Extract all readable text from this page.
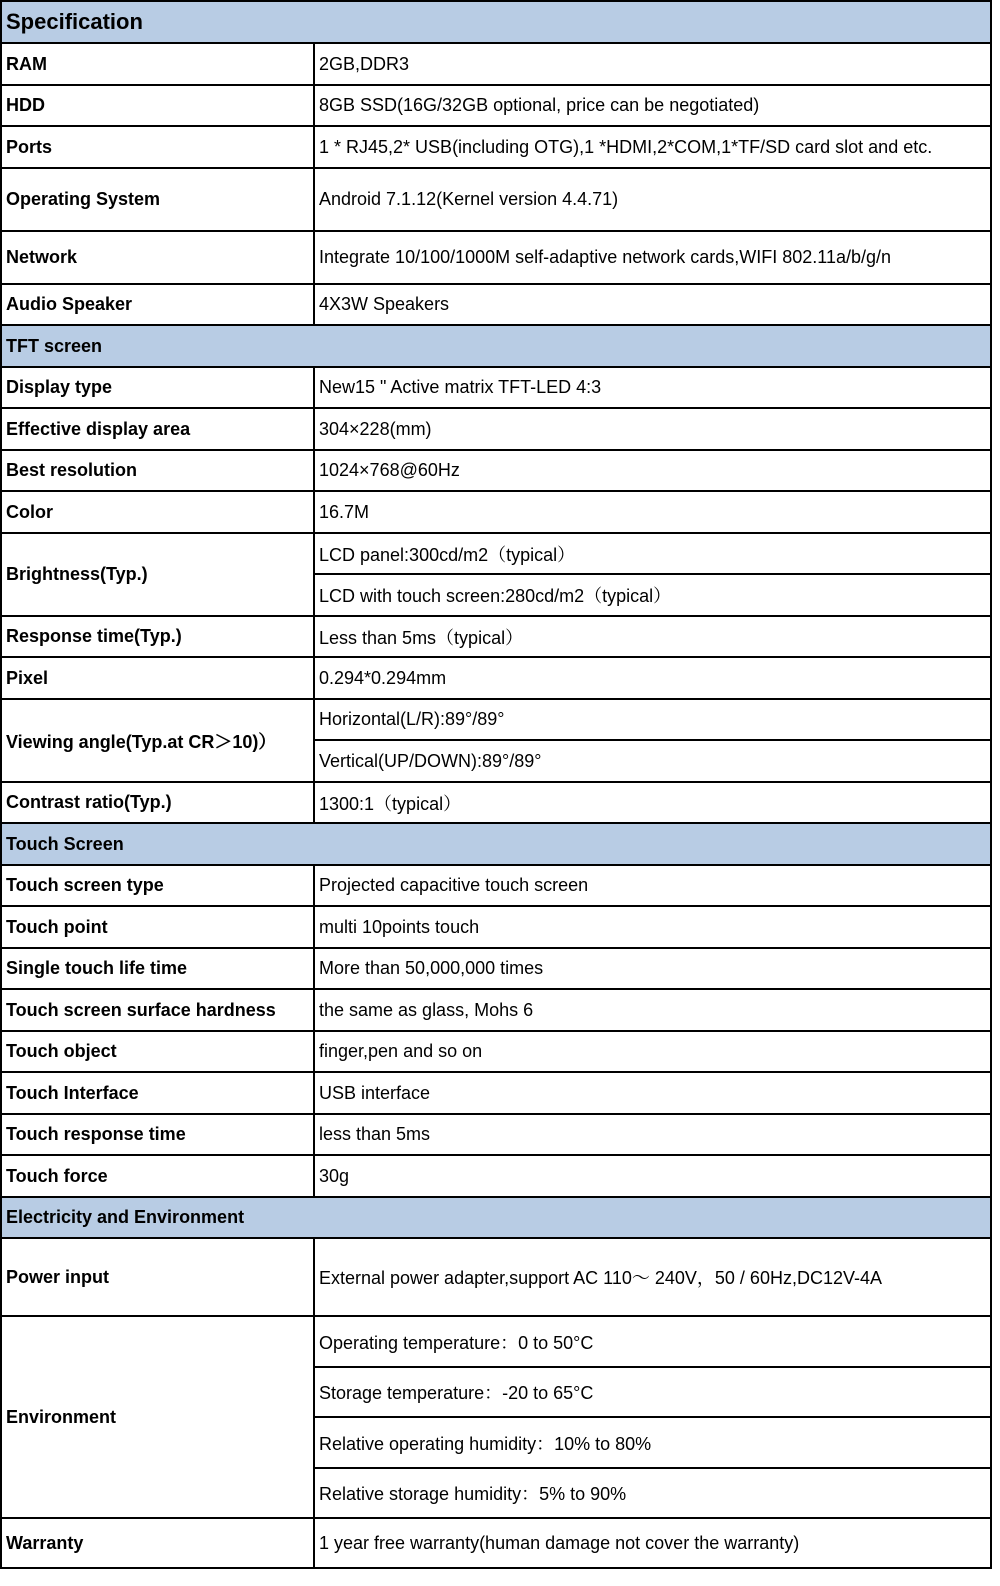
Specification	
RAM	2GB,DDR3
HDD	8GB SSD(16G/32GB optional, price can be negotiated)
Ports	1 * RJ45,2* USB(including OTG),1 *HDMI,2*COM,1*TF/SD card slot and etc.
Operating System	Android 7.1.12(Kernel version 4.4.71)
Network	Integrate 10/100/1000M self-adaptive network cards,WIFI 802.11a/b/g/n
Audio Speaker	4X3W Speakers
TFT screen	
Display type	New15 " Active matrix TFT-LED 4:3
Effective display area	304×228(mm)
Best resolution	1024×768@60Hz
Color	16.7M
Brightness(Typ.)	LCD panel:300cd/m2（typical）
	LCD with touch screen:280cd/m2（typical）
Response time(Typ.)	Less than 5ms（typical）
Pixel	0.294*0.294mm
Viewing angle(Typ.at CR＞10)）	Horizontal(L/R):89°/89°
	Vertical(UP/DOWN):89°/89°
Contrast ratio(Typ.)	1300:1（typical）
Touch Screen	
Touch screen type	Projected capacitive touch screen
Touch point	multi 10points touch
Single touch life time	More than 50,000,000 times
Touch screen surface hardness	the same as glass, Mohs 6
Touch object	finger,pen and so on
Touch Interface	USB interface
Touch response time	less than 5ms
Touch force	30g
Electricity and Environment	
Power input	External power adapter,support AC 110～ 240V，50 / 60Hz,DC12V-4A
Environment	Operating temperature：0 to 50°C
	Storage temperature：-20 to 65°C
	Relative operating humidity：10% to 80%
	Relative storage humidity：5% to 90%
Warranty	1 year free warranty(human damage not cover the warranty)
